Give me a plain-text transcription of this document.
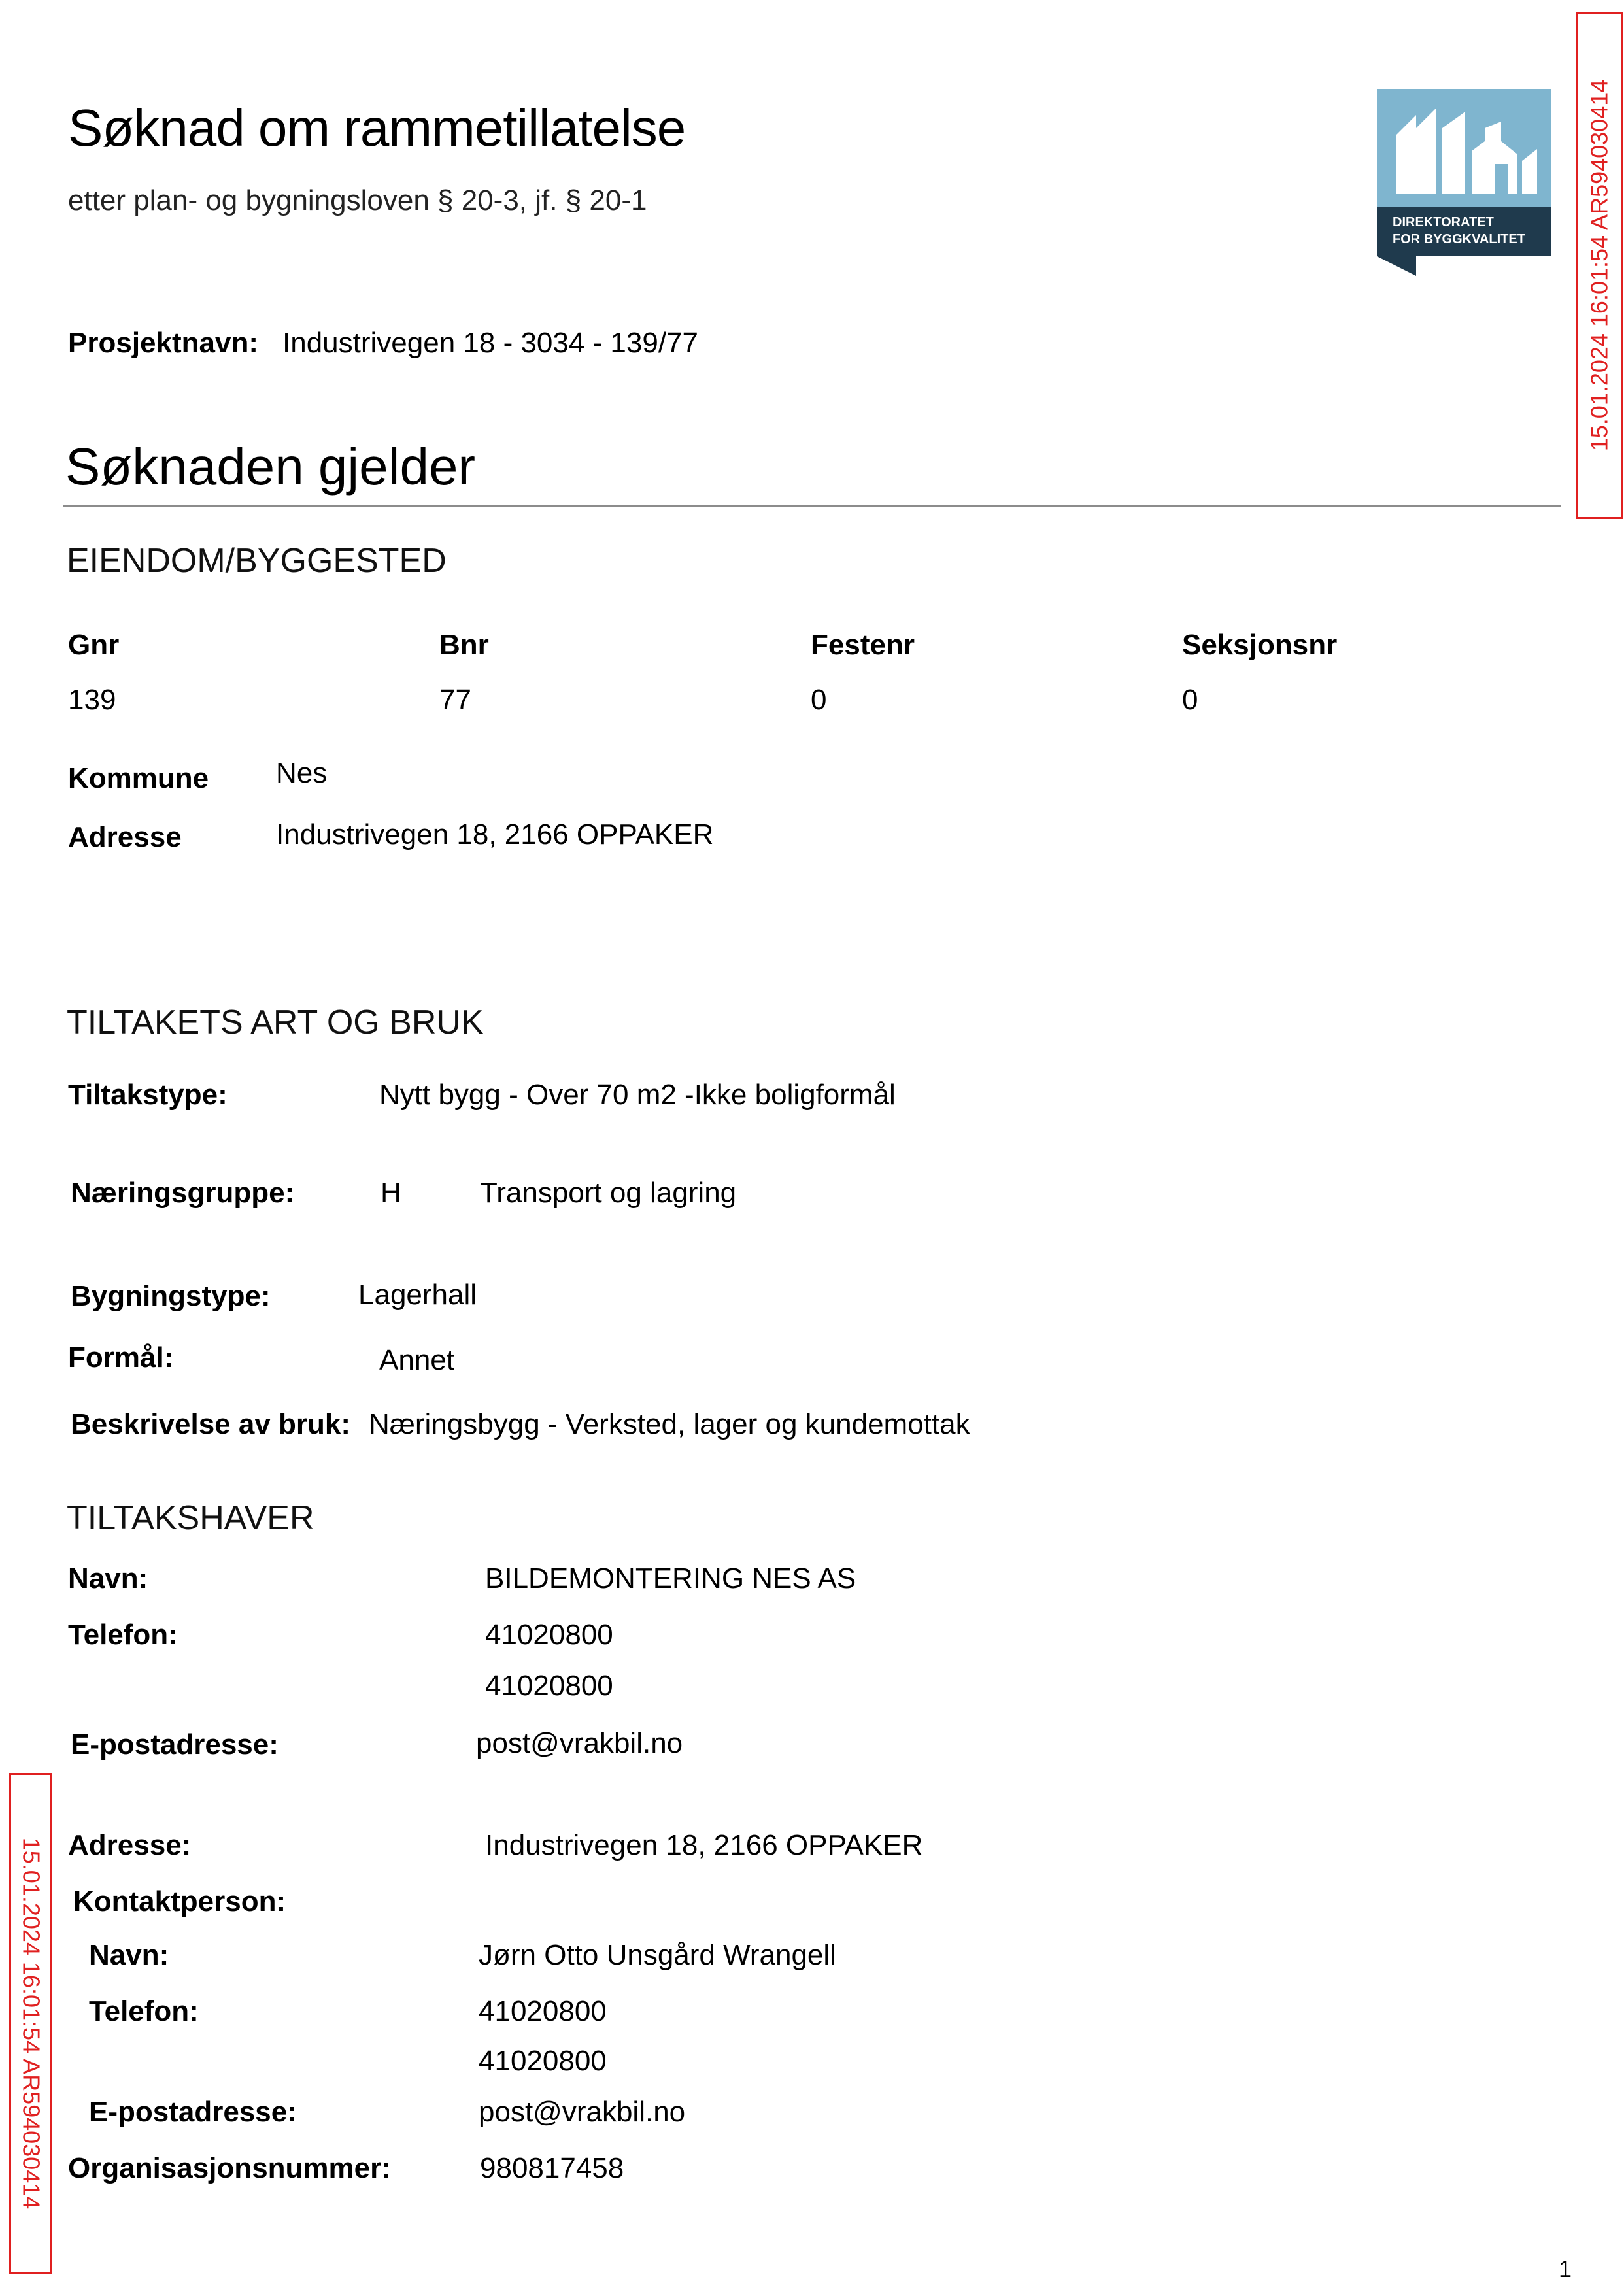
Søknad om rammetillatelse
etter plan- og bygningsloven § 20-3, jf. § 20-1
DIREKTORATET
FOR BYGGKVALITET	15.01.2024 16:01:54 AR594030414
15.01.2024 16:01:54 AR594030414
Prosjektnavn: Industrivegen 18 - 3034 - 139/77
Søknaden gjelder
EIENDOM/BYGGESTED
Gnr	Bnr	Festenr	Seksjonsnr
139	77	0	0
Kommune Nes
Adresse	Industrivegen 18, 2166 OPPAKER
TILTAKETS ART OG BRUK
Tiltakstype:	Nytt bygg - Over 70 m2 -Ikke boligformål
Næringsgruppe:	H	Transport og lagring
Bygningstype:	Lagerhall
Formål:	Annet
Beskrivelse av bruk: Næringsbygg - Verksted, lager og kundemottak
TILTAKSHAVER
Navn:	BILDEMONTERING NES AS
Telefon:	41020800
41020800
E-postadresse:	post@vrakbil.no
Adresse:	Industrivegen 18, 2166 OPPAKER
Kontaktperson:
Navn:	Jørn Otto Unsgård Wrangell
Telefon:	41020800
41020800
E-postadresse:	post@vrakbil.no
Organisasjonsnummer:	980817458
1
